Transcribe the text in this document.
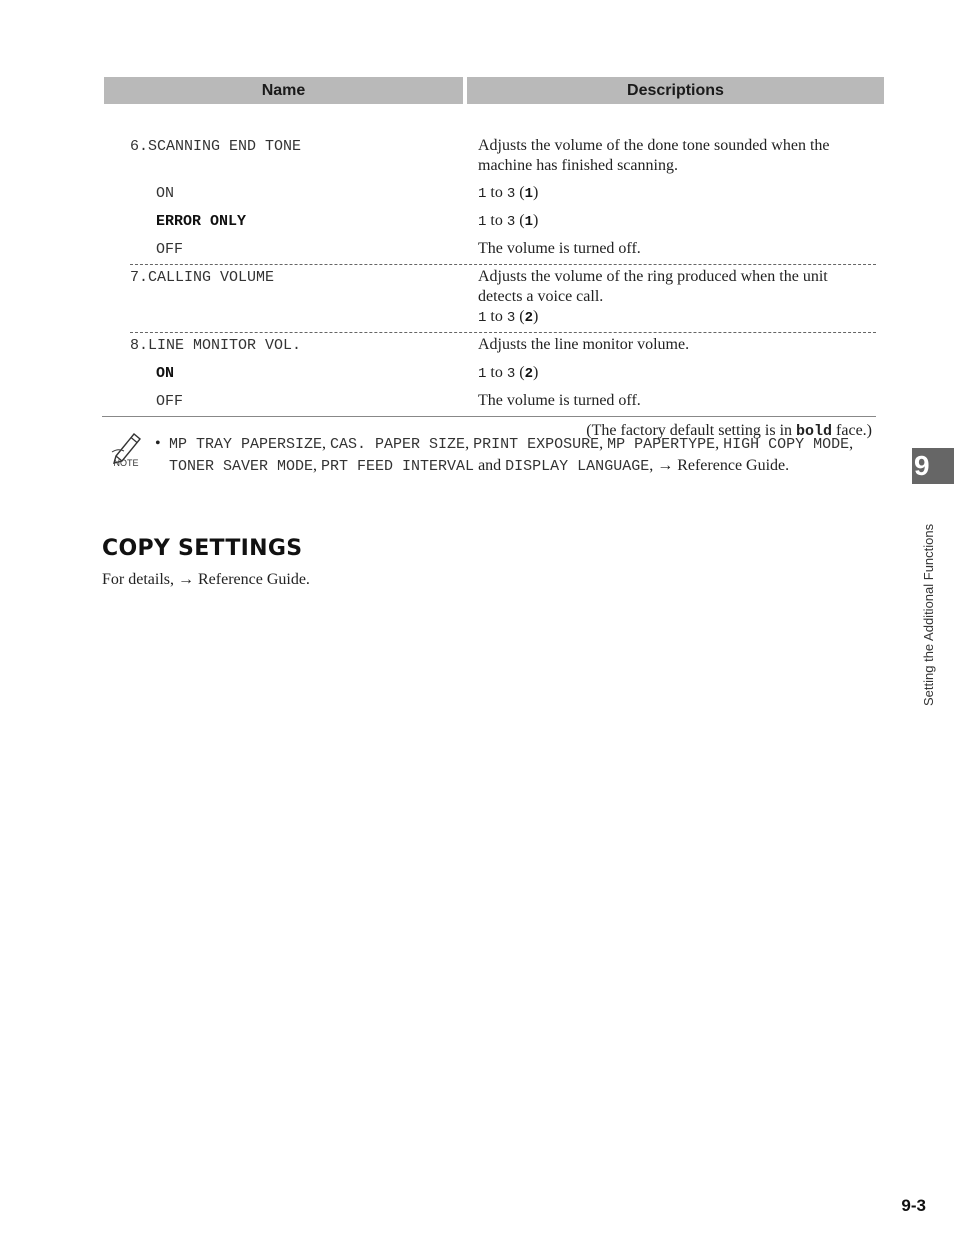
Name	Descriptions
6.SCANNING END TONE	Adjusts the volume of the done tone sounded when the
machine has finished scanning.
ON	1 to 3 (1)
ERROR ONLY	1 to 3 (1)
OFF	The volume is turned off.
7.CALLING VOLUME	Adjusts the volume of the ring produced when the unit
detects a voice call.
1 to 3 (2)
8.LINE MONITOR VOL.	Adjusts the line monitor volume.
ON	1 to 3 (2)
OFF	The volume is turned off.
(The factory default setting is in bold face.)
NOTE
• MP TRAY PAPERSIZE, CAS. PAPER SIZE, PRINT EXPOSURE, MP PAPERTYPE, HIGH COPY MODE, TONER SAVER MODE, PRT FEED INTERVAL and DISPLAY LANGUAGE, → Reference Guide.
COPY SETTINGS
For details, → Reference Guide.
9
Setting the Additional Functions
9-3
